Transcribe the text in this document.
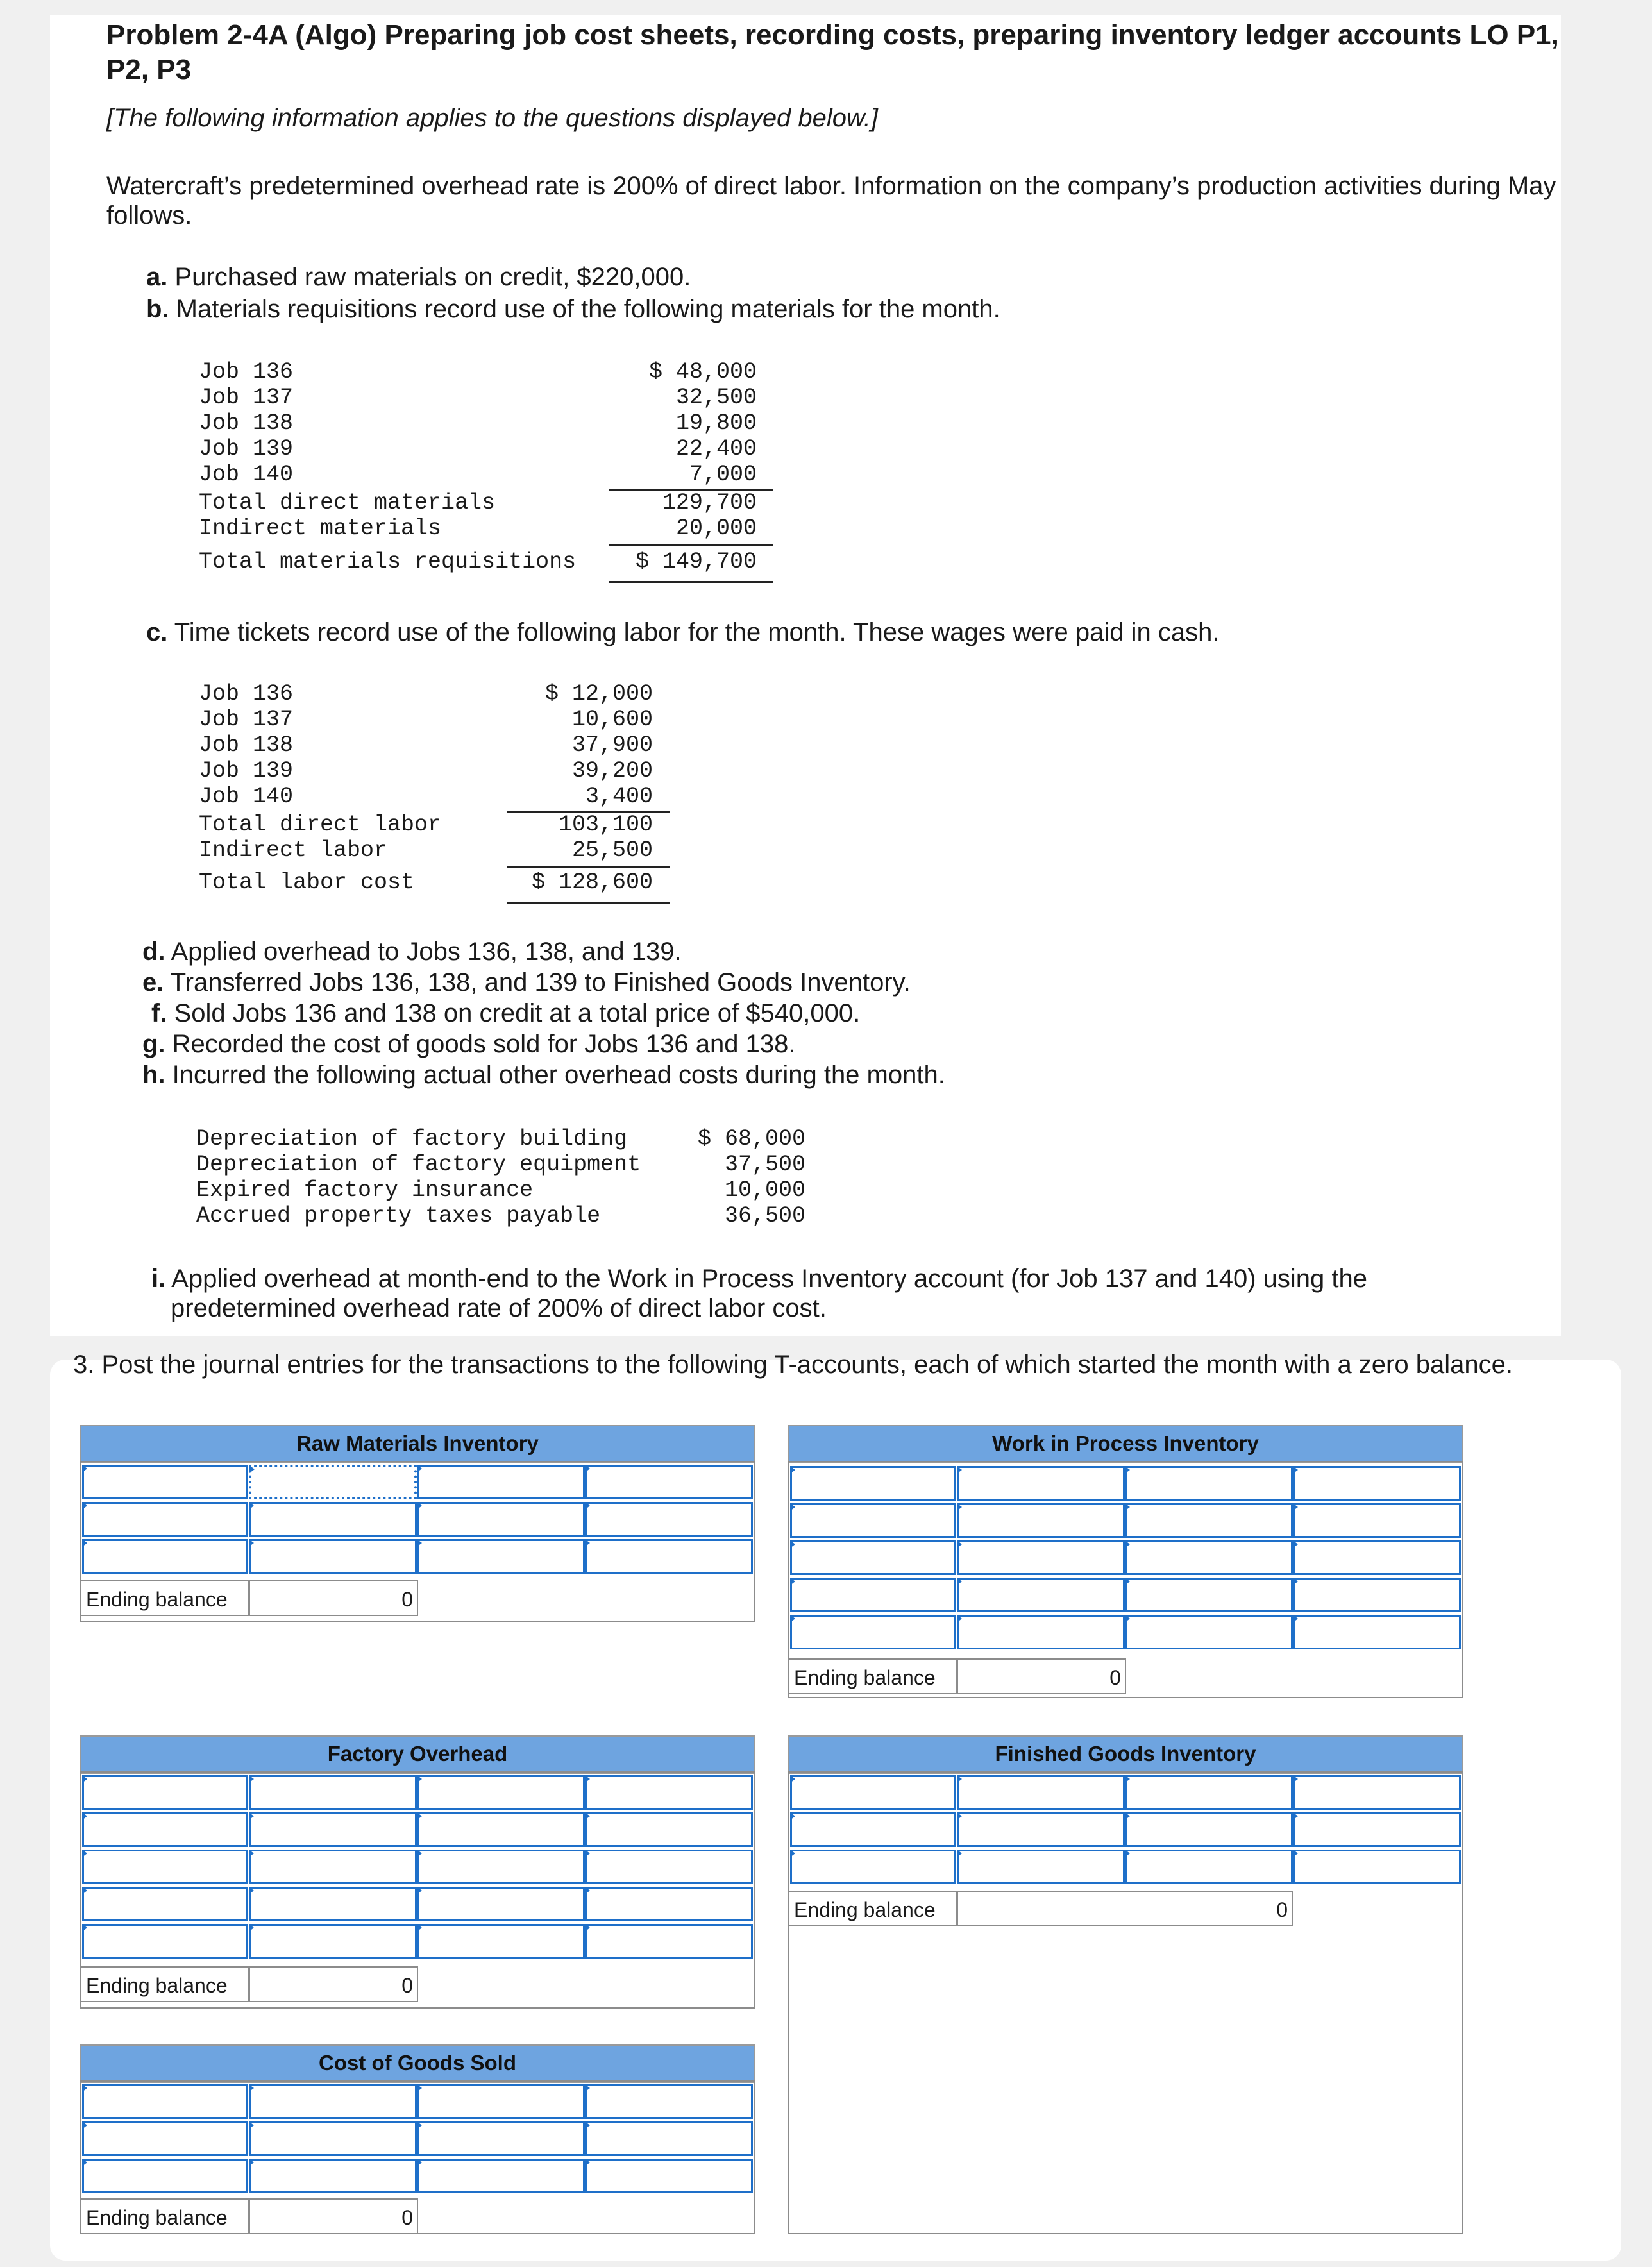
Problem 2-4A (Algo) Preparing job cost sheets, recording costs, preparing inventory ledger accounts LO P1, P2, P3
[The following information applies to the questions displayed below.]
Watercraft’s predetermined overhead rate is 200% of direct labor. Information on the company’s production activities during May follows.
a. Purchased raw materials on credit, $220,000.
b. Materials requisitions record use of the following materials for the month.
Job 136	$ 48,000
Job 137	32,500
Job 138	19,800
Job 139	22,400
Job 140	7,000
Total direct materials	129,700
Indirect materials	20,000
Total materials requisitions	$ 149,700
c. Time tickets record use of the following labor for the month. These wages were paid in cash.
Job 136	$ 12,000
Job 137	10,600
Job 138	37,900
Job 139	39,200
Job 140	3,400
Total direct labor	103,100
Indirect labor	25,500
Total labor cost	$ 128,600
d. Applied overhead to Jobs 136, 138, and 139.
e. Transferred Jobs 136, 138, and 139 to Finished Goods Inventory.
f. Sold Jobs 136 and 138 on credit at a total price of $540,000.
g. Recorded the cost of goods sold for Jobs 136 and 138.
h. Incurred the following actual other overhead costs during the month.
Depreciation of factory building	$ 68,000
Depreciation of factory equipment	37,500
Expired factory insurance	10,000
Accrued property taxes payable	36,500
i. Applied overhead at month-end to the Work in Process Inventory account (for Job 137 and 140) using the
predetermined overhead rate of 200% of direct labor cost.
3. Post the journal entries for the transactions to the following T-accounts, each of which started the month with a zero balance.
Raw Materials Inventory
Ending balance	0
Work in Process Inventory
Ending balance	0
Factory Overhead
Ending balance	0
Finished Goods Inventory
Ending balance	0
Cost of Goods Sold
Ending balance	0
